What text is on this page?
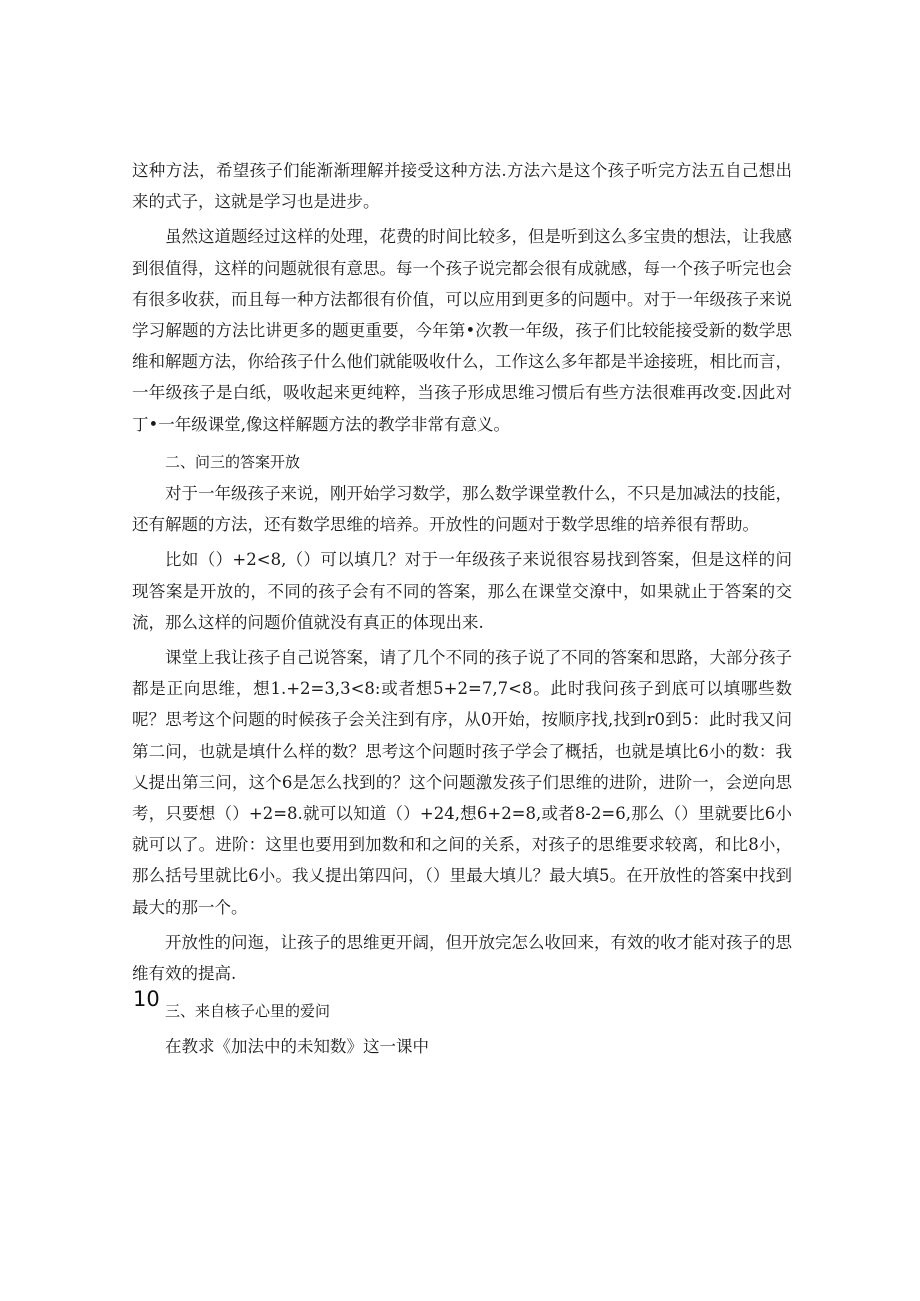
这种方法，希望孩子们能渐渐理解并接受这种方法.方法六是这个孩子听完方法五自己想出来的式子，这就是学习也是进步。

虽然这道题经过这样的处理，花费的时间比较多，但是听到这么多宝贵的想法，让我感到很值得，这样的问题就很有意思。每一个孩子说完都会很有成就感，每一个孩子听完也会有很多收获，而且每一种方法都很有价值，可以应用到更多的问题中。对于一年级孩子来说学习解题的方法比讲更多的题更重要，今年第•次教一年级，孩子们比较能接受新的数学思维和解题方法，你给孩子什么他们就能吸收什么，工作这么多年都是半途接班，相比而言，一年级孩子是白纸，吸收起来更纯粹，当孩子形成思维习惯后有些方法很难再改变.因此对丁•一年级课堂,像这样解题方法的教学非常有意义。

二、问三的答案开放

对于一年级孩子来说，刚开始学习数学，那么数学课堂教什么，不只是加减法的技能，还有解题的方法，还有数学思维的培养。开放性的问题对于数学思维的培养很有帮助。

比如（）+2<8,（）可以填几？对于一年级孩子来说很容易找到答案，但是这样的问现答案是开放的，不同的孩子会有不同的答案，那么在课堂交潦中，如果就止于答案的交流，那么这样的问题价值就没有真正的体现出来.

课堂上我让孩子自己说答案，请了几个不同的孩子说了不同的答案和思路，大部分孩子都是正向思维，想1.+2=3,3<8:或者想5+2=7,7<8。此时我问孩子到底可以填哪些数呢？思考这个问题的时候孩子会关注到有序，从0开始，按顺序找,找到r0到5：此时我又问第二问，也就是填什么样的数？思考这个问题时孩子学会了概括，也就是填比6小的数：我乂提出第三问，这个6是怎么找到的？这个问题激发孩子们思维的进阶，进阶一，会逆向思考，只要想（）+2=8.就可以知道（）+24,想6+2=8,或者8-2=6,那么（）里就要比6小就可以了。进阶：这里也要用到加数和和之间的关系，对孩子的思维要求较离，和比8小，那么括号里就比6小。我乂提出第四问，（）里最大填儿？最大填5。在开放性的答案中找到最大的那一个。

开放性的问迤，让孩子的思维更开阔，但开放完怎么收回来，有效的收才能对孩子的思维有效的提高.

三、来自核子心里的爱问

在教求《加法中的未知数》这一课中

10
